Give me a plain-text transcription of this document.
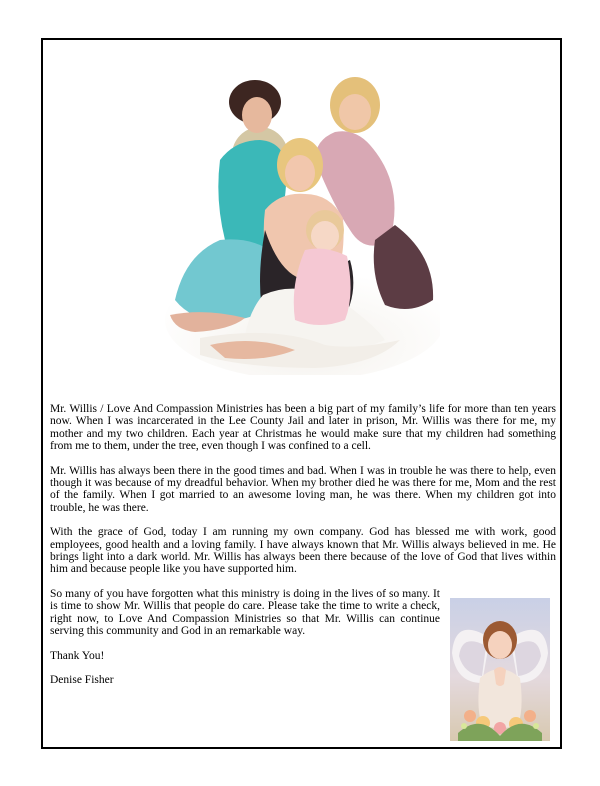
Mr. Willis / Love And Compassion Ministries has been a big part of my family’s life for more than ten years now. When I was incarcerated in the Lee County Jail and later in prison, Mr. Willis was there for me, my mother and my two children. Each year at Christmas he would make sure that my children had something from me to them, under the tree, even though I was confined to a cell.

Mr. Willis has always been there in the good times and bad. When I was in trouble he was there to help, even though it was because of my dreadful behavior. When my brother died he was there for me, Mom and the rest of the family. When I got married to an awesome loving man, he was there. When my children got into trouble, he was there.

With the grace of God, today I am running my own company. God has blessed me with work, good employees, good health and a loving family. I have always known that Mr. Willis always believed in me. He brings light into a dark world. Mr. Willis has always been there because of the love of God that lives within him and because people like you have supported him.

So many of you have forgotten what this ministry is doing in the lives of so many. It is time to show Mr. Willis that people do care. Please take the time to write a check, right now, to Love And Compassion Ministries so that Mr. Willis can continue serving this community and God in an remarkable way.

Thank You!

Denise Fisher
